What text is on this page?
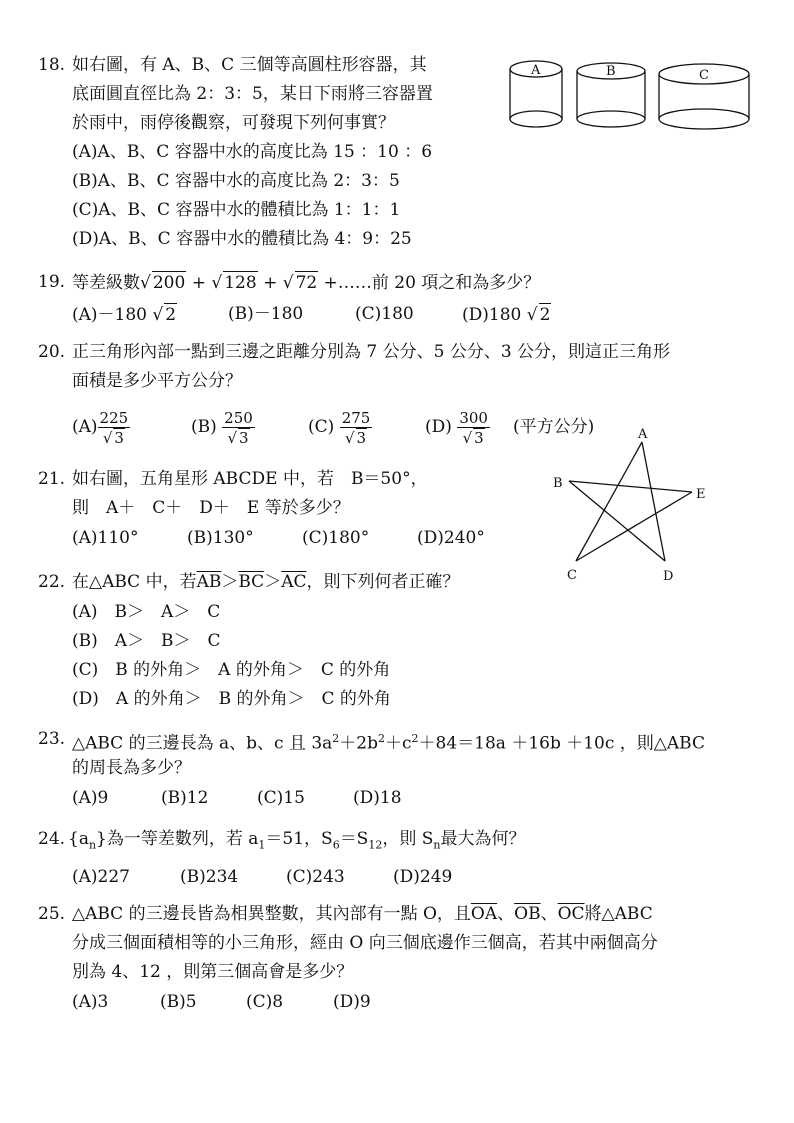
18. 如右圖，有 A、B、C 三個等高圓柱形容器，其
底面圓直徑比為 2：3：5，某日下雨將三容器置
於雨中，雨停後觀察，可發現下列何事實？
(A)A、B、C 容器中水的高度比為 15 ：10 ：6
(B)A、B、C 容器中水的高度比為 2：3：5
(C)A、B、C 容器中水的體積比為 1：1：1
(D)A、B、C 容器中水的體積比為 4：9：25
A	B	C
19. 等差級數√ 200 + √ 128 + √ 72 +……前 20 項之和為多少？
(A)－180 √ 2	(B)－180	(C)180	(D)180 √ 2
20. 正三角形內部一點到三邊之距離分別為 7 公分、5 公分、3 公分，則這正三角形
面積是多少平方公分？
$(A) \frac{225}{√ 3}$	$(B) \frac{250}{√ 3}$	$(C) \frac{275}{√ 3}$	$(D) \frac{300}{√ 3}$ (平方公分)
21. 如右圖，五角星形 ABCDE 中，若　B＝50°，
則　A＋　C＋　D＋　E 等於多少？
(A)110°	(B)130°	(C)180°	(D)240°
A
B
C	D
E
22. 在△ABC 中，若$\overline{AB}>\overline{BC}>\overline{AC}$，則下列何者正確？
(A)　B＞　A＞　C
(B)　A＞　B＞　C
(C)　B 的外角＞　A 的外角＞　C 的外角
(D)　A 的外角＞　B 的外角＞　C 的外角
23. △ABC 的三邊長為 a、b、c 且 $3a^2+2b^2+c^2+84=18a +16b +10c$ ，則△ABC
的周長為多少？
(A)9	(B)12	(C)15	(D)18
24. $\{a_n\}$為一等差數列，若 $a_1=51$，$S_6=S_{12}$，則 $S_n$最大為何？
(A)227	(B)234	(C)243	(D)249
25. △ABC 的三邊長皆為相異整數，其內部有一點 O，且$\overline{OA}$、$\overline{OB}$、$\overline{OC}$將△ABC
分成三個面積相等的小三角形，經由 O 向三個底邊作三個高，若其中兩個高分
別為 4、12 ，則第三個高會是多少？
(A)3	(B)5	(C)8	(D)9
